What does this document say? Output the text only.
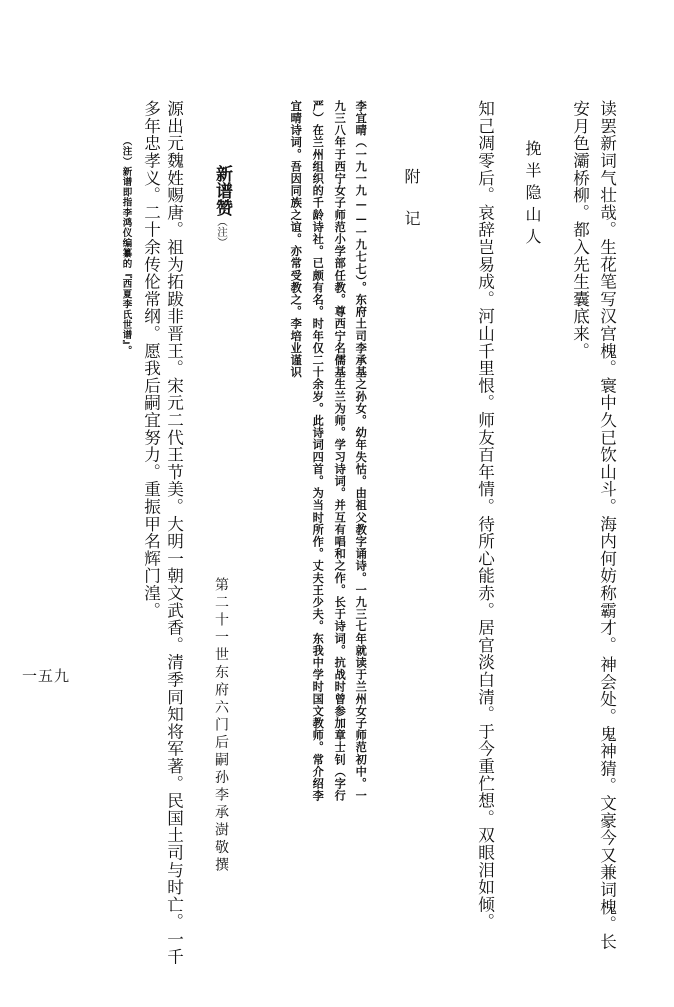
读罢新词气壮哉。生花笔写汉宫槐。寰中久已饮山斗。海内何妨称霸才。
神会处。鬼神猜。文豪今又兼词槐。长
安月色灞桥柳。都入先生囊底来。
挽半隐山人
知己凋零后。哀辞岂易成。河山千里恨。师友百年情。待所心能赤。居官淡白清。于今重伫想。双眼泪如倾。
附记
李宜晴（一九一九——一九七七）。东府土司李承基之孙女。幼年失怙。由祖父教字诵诗。一九三七年就读于兰州女子师范初中。一
九三八年于西宁女子师范小学部任教。尊西宁名儒基生兰为师。学习诗词。并互有唱和之作。长于诗词。抗战时曾参加章士钊（字行
严）在兰州组织的千龄诗社。已颇有名。时年仅二十余岁。此诗词四首。为当时所作。丈夫王少夫。东我中学时国文教师。常介绍李
宜晴诗词。吾因同族之谊。亦常受教之。李培业谨识
新谱赞（注）
第二十一世东府六门后嗣孙李承澍敬撰
源出元魏姓赐唐。祖为拓跋非晋王。宋元二代王节美。大明一朝文武香。清季同知将军著。民国土司与时亡。一千
多年忠孝义。二十余传伦常纲。愿我后嗣宜努力。重振甲名辉门湟。
（注）新谱即指李鸿仪编纂的『西夏李氏世谱』。
一五九
